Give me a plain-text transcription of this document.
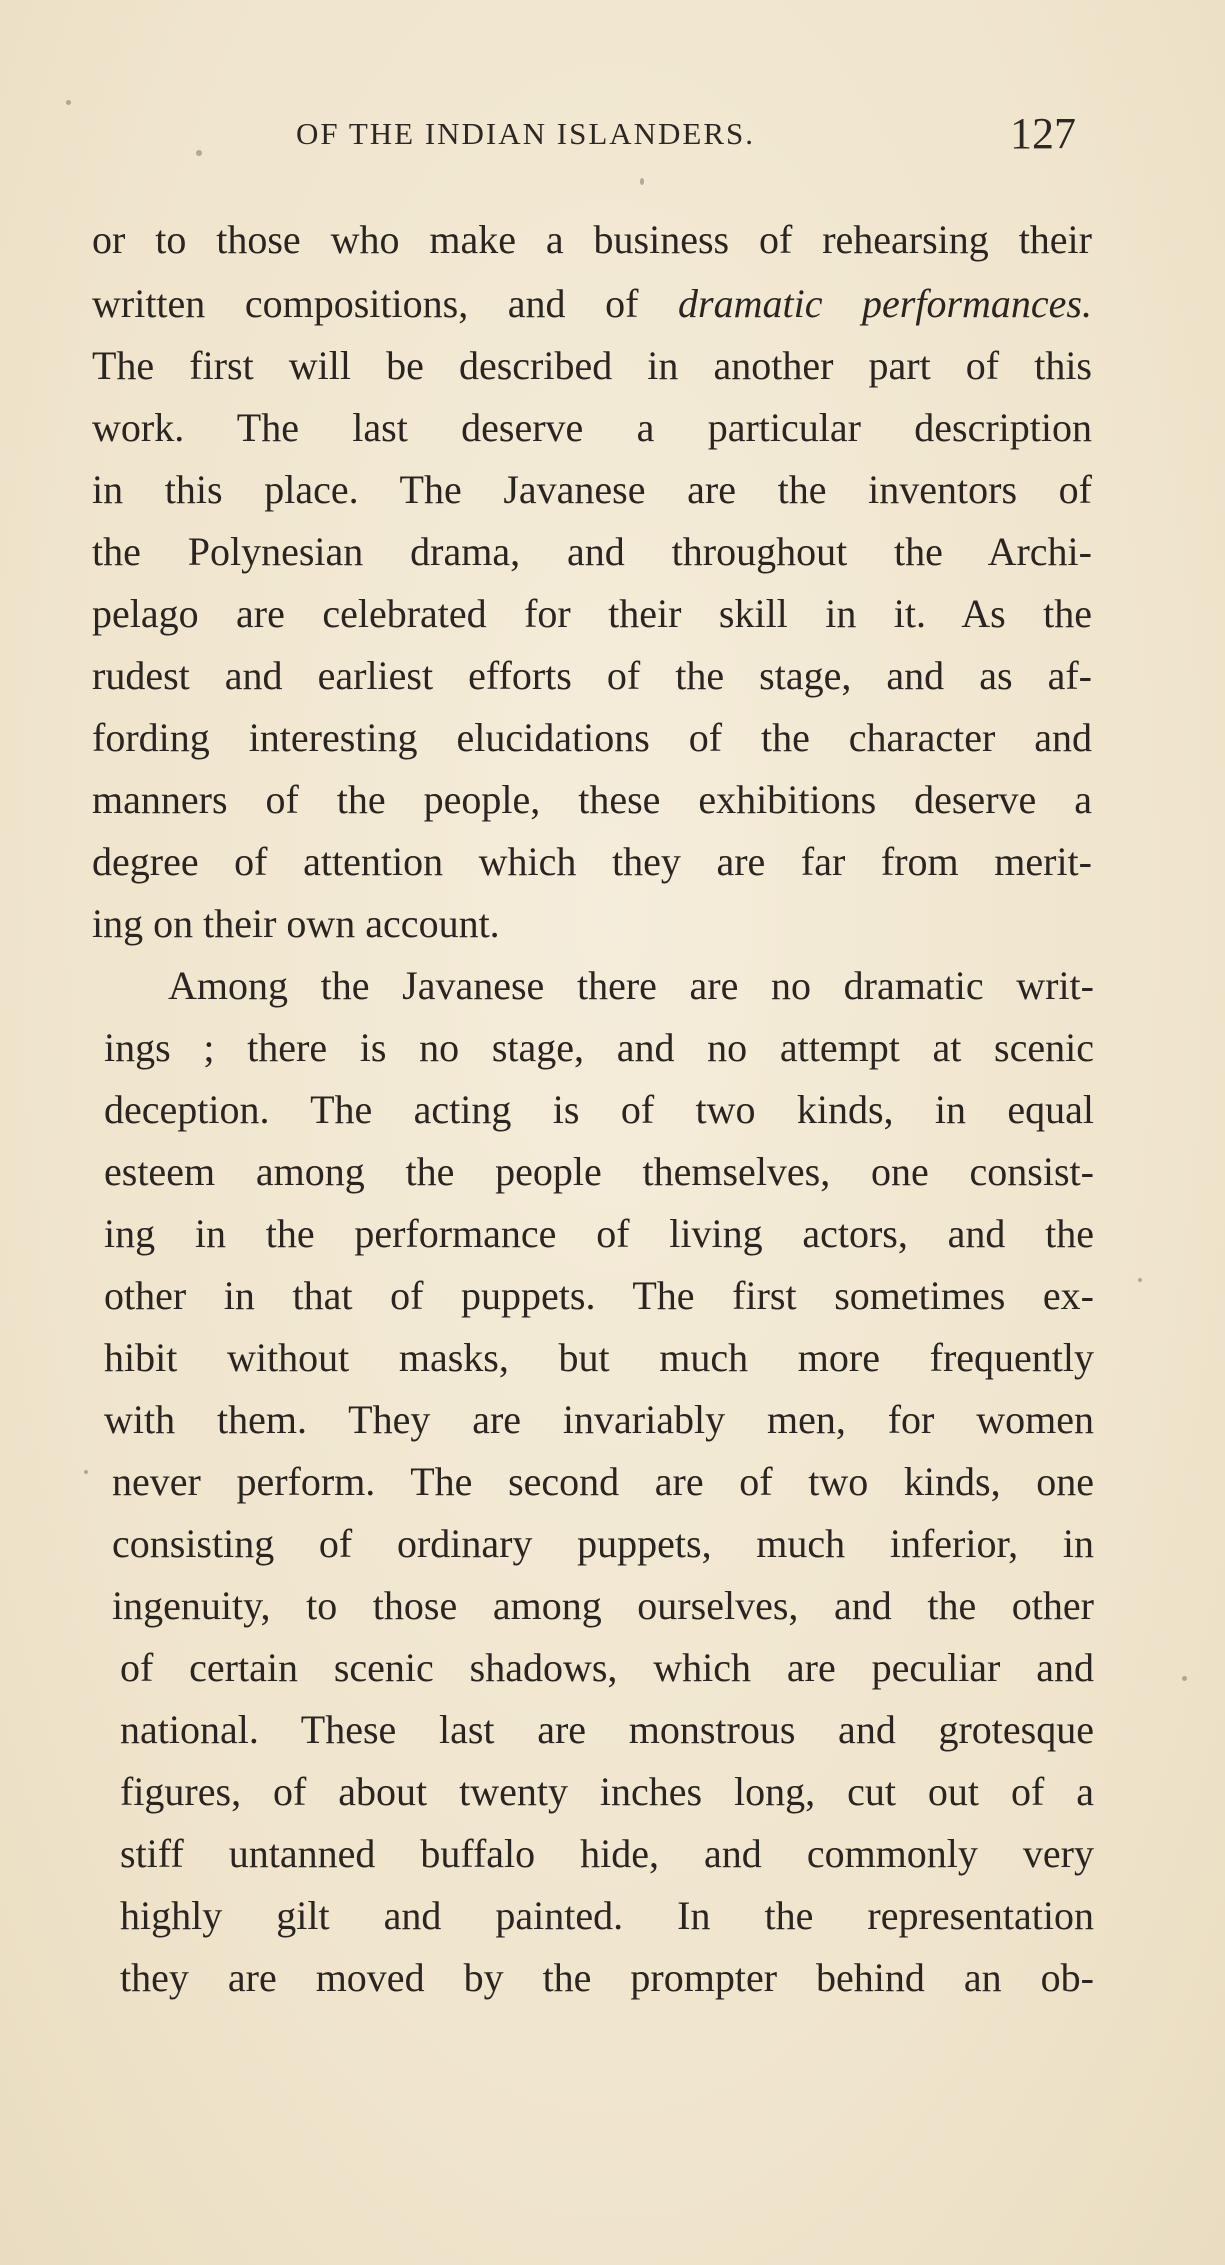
OF THE INDIAN ISLANDERS.	127
or to those who make a business of rehearsing their
written compositions, and of dramatic performances.
The first will be described in another part of this
work. The last deserve a particular description
in this place. The Javanese are the inventors of
the Polynesian drama, and throughout the Archi-
pelago are celebrated for their skill in it. As the
rudest and earliest efforts of the stage, and as af-
fording interesting elucidations of the character and
manners of the people, these exhibitions deserve a
degree of attention which they are far from merit-
ing on their own account.
Among the Javanese there are no dramatic writ-
ings ; there is no stage, and no attempt at scenic
deception. The acting is of two kinds, in equal
esteem among the people themselves, one consist-
ing in the performance of living actors, and the
other in that of puppets. The first sometimes ex-
hibit without masks, but much more frequently
with them. They are invariably men, for women
never perform. The second are of two kinds, one
consisting of ordinary puppets, much inferior, in
ingenuity, to those among ourselves, and the other
of certain scenic shadows, which are peculiar and
national. These last are monstrous and grotesque
figures, of about twenty inches long, cut out of a
stiff untanned buffalo hide, and commonly very
highly gilt and painted. In the representation
they are moved by the prompter behind an ob-
